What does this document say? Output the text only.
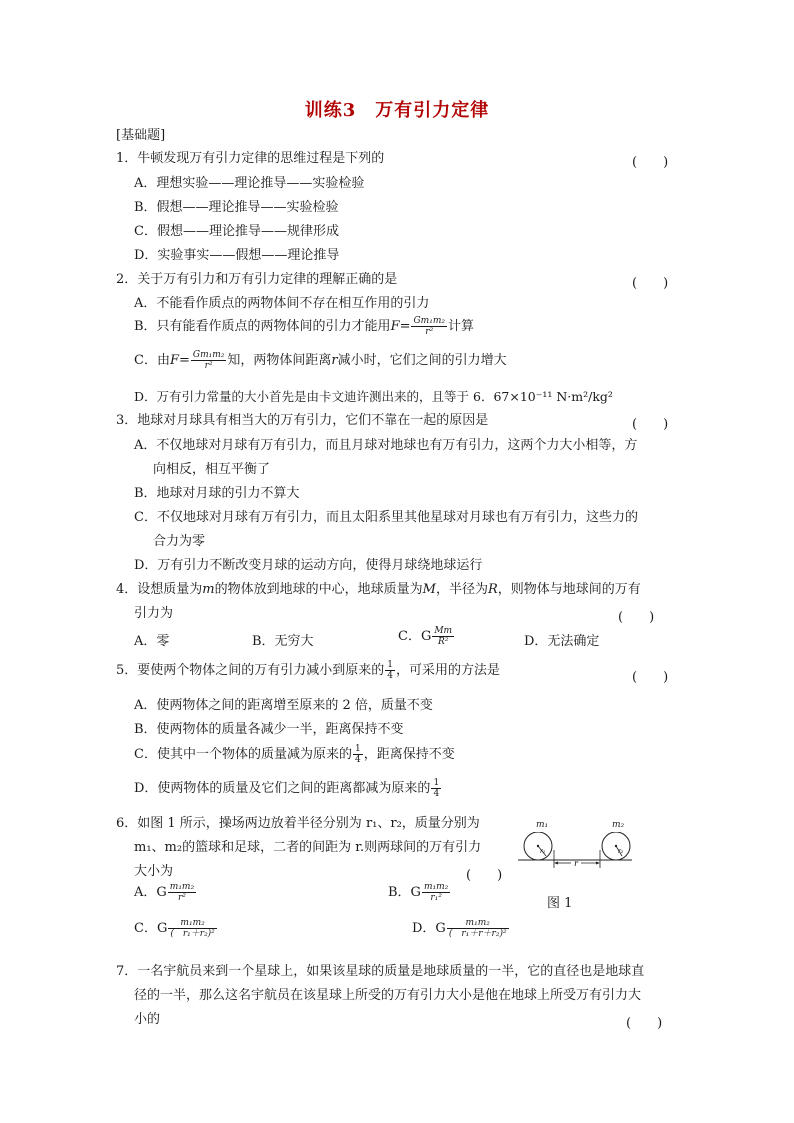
训练3　万有引力定律
[基础题]
1．牛顿发现万有引力定律的思维过程是下列的	(　　)
A．理想实验——理论推导——实验检验
B．假想——理论推导——实验检验
C．假想——理论推导——规律形成
D．实验事实——假想——理论推导
2．关于万有引力和万有引力定律的理解正确的是	(　　)
A．不能看作质点的两物体间不存在相互作用的引力
B．只有能看作质点的两物体间的引力才能用$F= \frac{\text{Gm₁m₂}}{\text{r²}}$ 计算
C．由$F= \frac{\text{Gm₁m₂}}{\text{r²}}$ 知，两物体间距离r减小时，它们之间的引力增大
D．万有引力常量的大小首先是由卡文迪许测出来的，且等于 6．67×10⁻¹¹ N·m²/kg²
3．地球对月球具有相当大的万有引力，它们不靠在一起的原因是	(　　)
A．不仅地球对月球有万有引力，而且月球对地球也有万有引力，这两个力大小相等，方
向相反，相互平衡了
B．地球对月球的引力不算大
C．不仅地球对月球有万有引力，而且太阳系里其他星球对月球也有万有引力，这些力的
合力为零
D．万有引力不断改变月球的运动方向，使得月球绕地球运行
4．设想质量为m的物体放到地球的中心，地球质量为M，半径为R，则物体与地球间的万有
引力为	(　　)
A．零	B．无穷大	C．G $\frac{Mm}{\text{R²}}$	D．无法确定
5．要使两个物体之间的万有引力减小到原来的 $\frac{1}{4}$ ，可采用的方法是	(　　)
A．使两物体之间的距离增至原来的 2 倍，质量不变
B．使两物体的质量各减少一半，距离保持不变
C．使其中一个物体的质量减为原来的 $\frac{1}{4}$ ，距离保持不变
D．使两物体的质量及它们之间的距离都减为原来的 $\frac{1}{4}$
6．如图 1 所示，操场两边放着半径分别为 r₁、r₂，质量分别为
m₁、m₂的篮球和足球，二者的间距为 r.则两球间的万有引力
大小为	(　　)
A．G $\frac{\text{m₁m₂}}{\text{r²}}$	B．G $\frac{\text{m₁m₂}}{\text{r₁²}}$
图 1
C．G $\frac{\text{m₁m₂}}{\text{(　r₁＋r₂)²}}$	D．G $\frac{\text{m₁m₂}}{\text{(　r₁＋r＋r₂)²}}$
r
r₁	r₂
m₁	m₂
7．一名宇航员来到一个星球上，如果该星球的质量是地球质量的一半，它的直径也是地球直
径的一半，那么这名宇航员在该星球上所受的万有引力大小是他在地球上所受万有引力大
小的	(　　)
